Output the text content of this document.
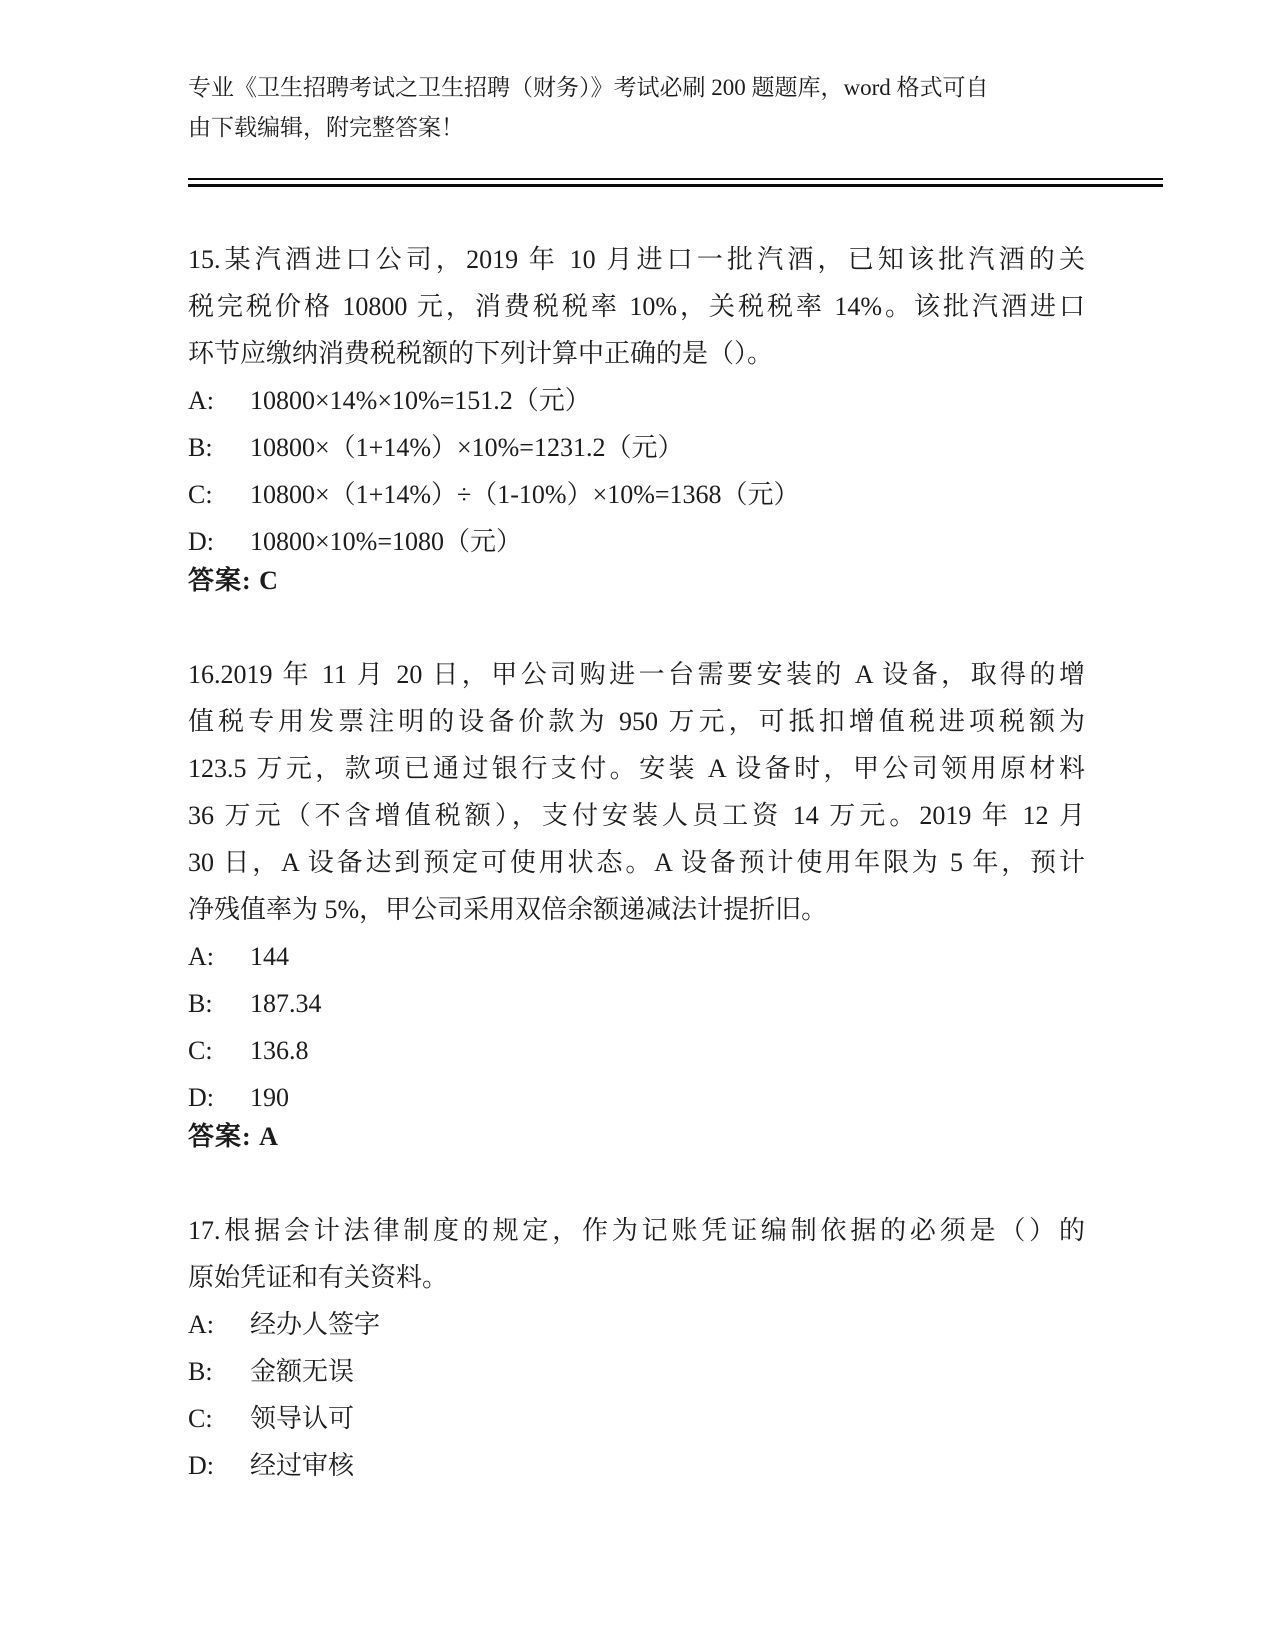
专业《卫生招聘考试之卫生招聘（财务）》考试必刷 200 题题库，word 格式可自
由下载编辑，附完整答案！
15.某汽酒进口公司，2019 年 10 月进口一批汽酒，已知该批汽酒的关
税完税价格 10800 元，消费税税率 10%，关税税率 14%。该批汽酒进口
环节应缴纳消费税税额的下列计算中正确的是（）。
A: 10800×14%×10%=151.2（元）
B: 10800×（1+14%）×10%=1231.2（元）
C: 10800×（1+14%）÷（1-10%）×10%=1368（元）
D: 10800×10%=1080（元）
答案: C
16.2019 年 11 月 20 日，甲公司购进一台需要安装的 A 设备，取得的增
值税专用发票注明的设备价款为 950 万元，可抵扣增值税进项税额为
123.5 万元，款项已通过银行支付。安装 A 设备时，甲公司领用原材料
36 万元（不含增值税额），支付安装人员工资 14 万元。2019 年 12 月
30 日，A 设备达到预定可使用状态。A 设备预计使用年限为 5 年，预计
净残值率为 5%，甲公司采用双倍余额递减法计提折旧。
A: 144
B: 187.34
C: 136.8
D: 190
答案: A
17.根据会计法律制度的规定，作为记账凭证编制依据的必须是（）的
原始凭证和有关资料。
A: 经办人签字
B: 金额无误
C: 领导认可
D: 经过审核
